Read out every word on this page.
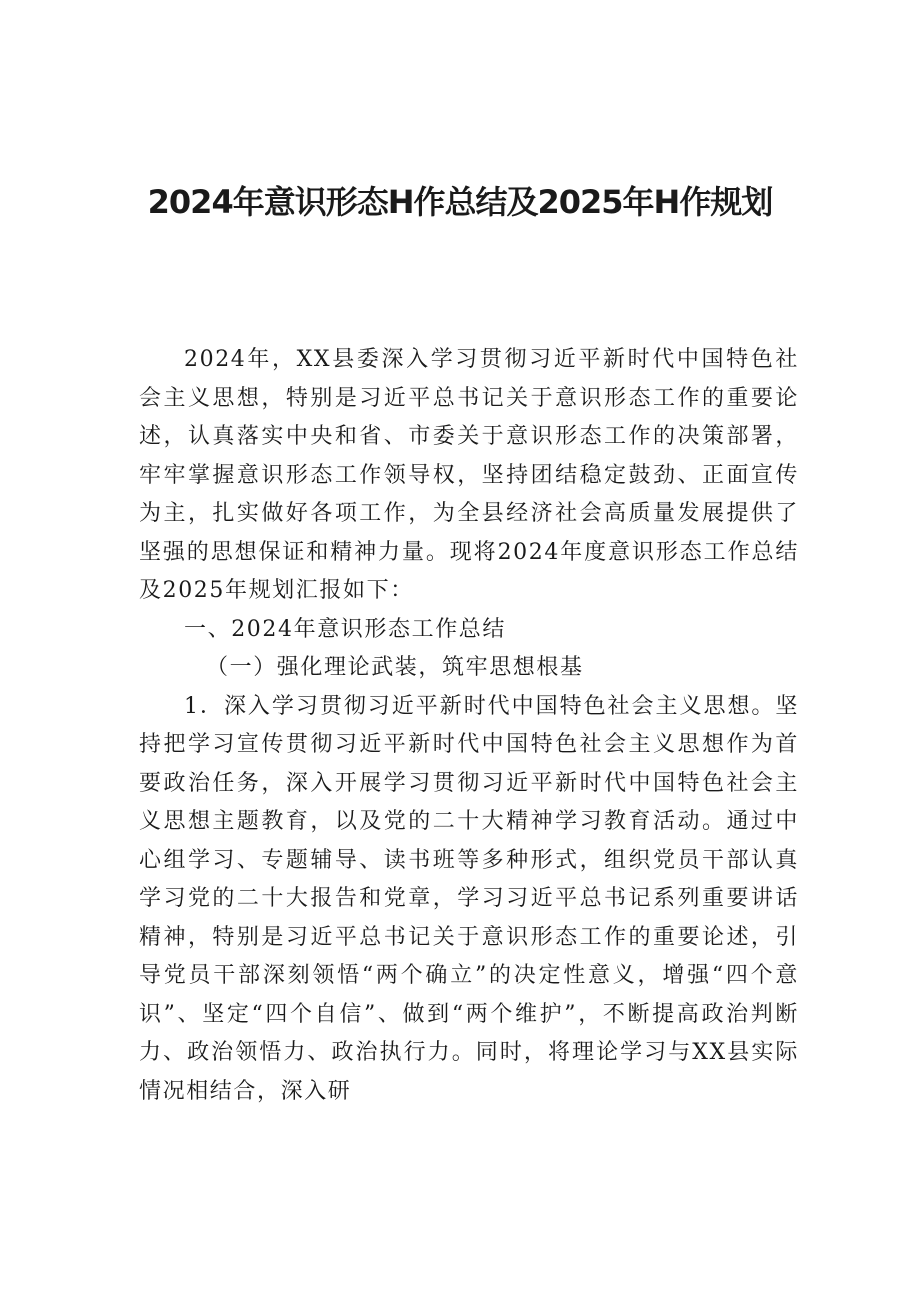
2024年意识形态H作总结及2025年H作规划

2024年，XX县委深入学习贯彻习近平新时代中国特色社会主义思想，特别是习近平总书记关于意识形态工作的重要论述，认真落实中央和省、市委关于意识形态工作的决策部署，牢牢掌握意识形态工作领导权，坚持团结稳定鼓劲、正面宣传为主，扎实做好各项工作，为全县经济社会高质量发展提供了坚强的思想保证和精神力量。现将2024年度意识形态工作总结及2025年规划汇报如下：

一、2024年意识形态工作总结

（一）强化理论武装，筑牢思想根基

1．深入学习贯彻习近平新时代中国特色社会主义思想。坚持把学习宣传贯彻习近平新时代中国特色社会主义思想作为首要政治任务，深入开展学习贯彻习近平新时代中国特色社会主义思想主题教育，以及党的二十大精神学习教育活动。通过中心组学习、专题辅导、读书班等多种形式，组织党员干部认真学习党的二十大报告和党章，学习习近平总书记系列重要讲话精神，特别是习近平总书记关于意识形态工作的重要论述，引导党员干部深刻领悟“两个确立”的决定性意义，增强“四个意识”、坚定“四个自信”、做到“两个维护”，不断提高政治判断力、政治领悟力、政治执行力。同时，将理论学习与XX县实际情况相结合，深入研
